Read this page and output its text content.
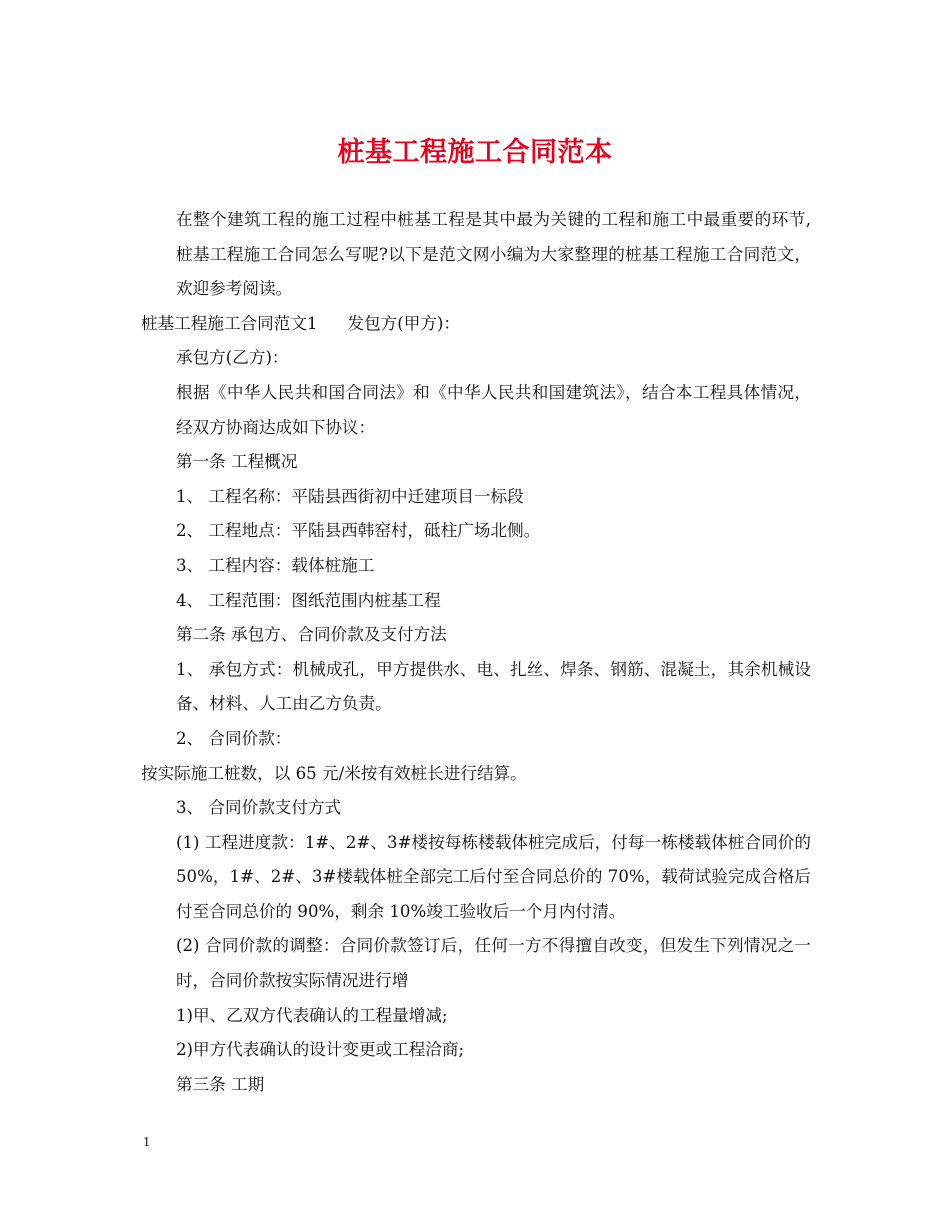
桩基工程施工合同范本

在整个建筑工程的施工过程中桩基工程是其中最为关键的工程和施工中最重要的环节,桩基工程施工合同怎么写呢?以下是范文网小编为大家整理的桩基工程施工合同范文，欢迎参考阅读。

桩基工程施工合同范文1 发包方(甲方)：

承包方(乙方)：

根据《中华人民共和国合同法》和《中华人民共和国建筑法》，结合本工程具体情况，经双方协商达成如下协议：

第一条 工程概况

1、 工程名称：平陆县西街初中迁建项目一标段

2、 工程地点：平陆县西韩窑村，砥柱广场北侧。

3、 工程内容：载体桩施工

4、 工程范围：图纸范围内桩基工程

第二条 承包方、合同价款及支付方法

1、 承包方式：机械成孔，甲方提供水、电、扎丝、焊条、钢筋、混凝土，其余机械设备、材料、人工由乙方负责。

2、 合同价款：

按实际施工桩数，以 65 元/米按有效桩长进行结算。

3、 合同价款支付方式

(1) 工程进度款：1#、2#、3#楼按每栋楼载体桩完成后，付每一栋楼载体桩合同价的 50%，1#、2#、3#楼载体桩全部完工后付至合同总价的 70%，载荷试验完成合格后付至合同总价的 90%，剩余 10%竣工验收后一个月内付清。

(2) 合同价款的调整：合同价款签订后，任何一方不得擅自改变，但发生下列情况之一时，合同价款按实际情况进行增

1)甲、乙双方代表确认的工程量增减;

2)甲方代表确认的设计变更或工程洽商;

第三条 工期

1
